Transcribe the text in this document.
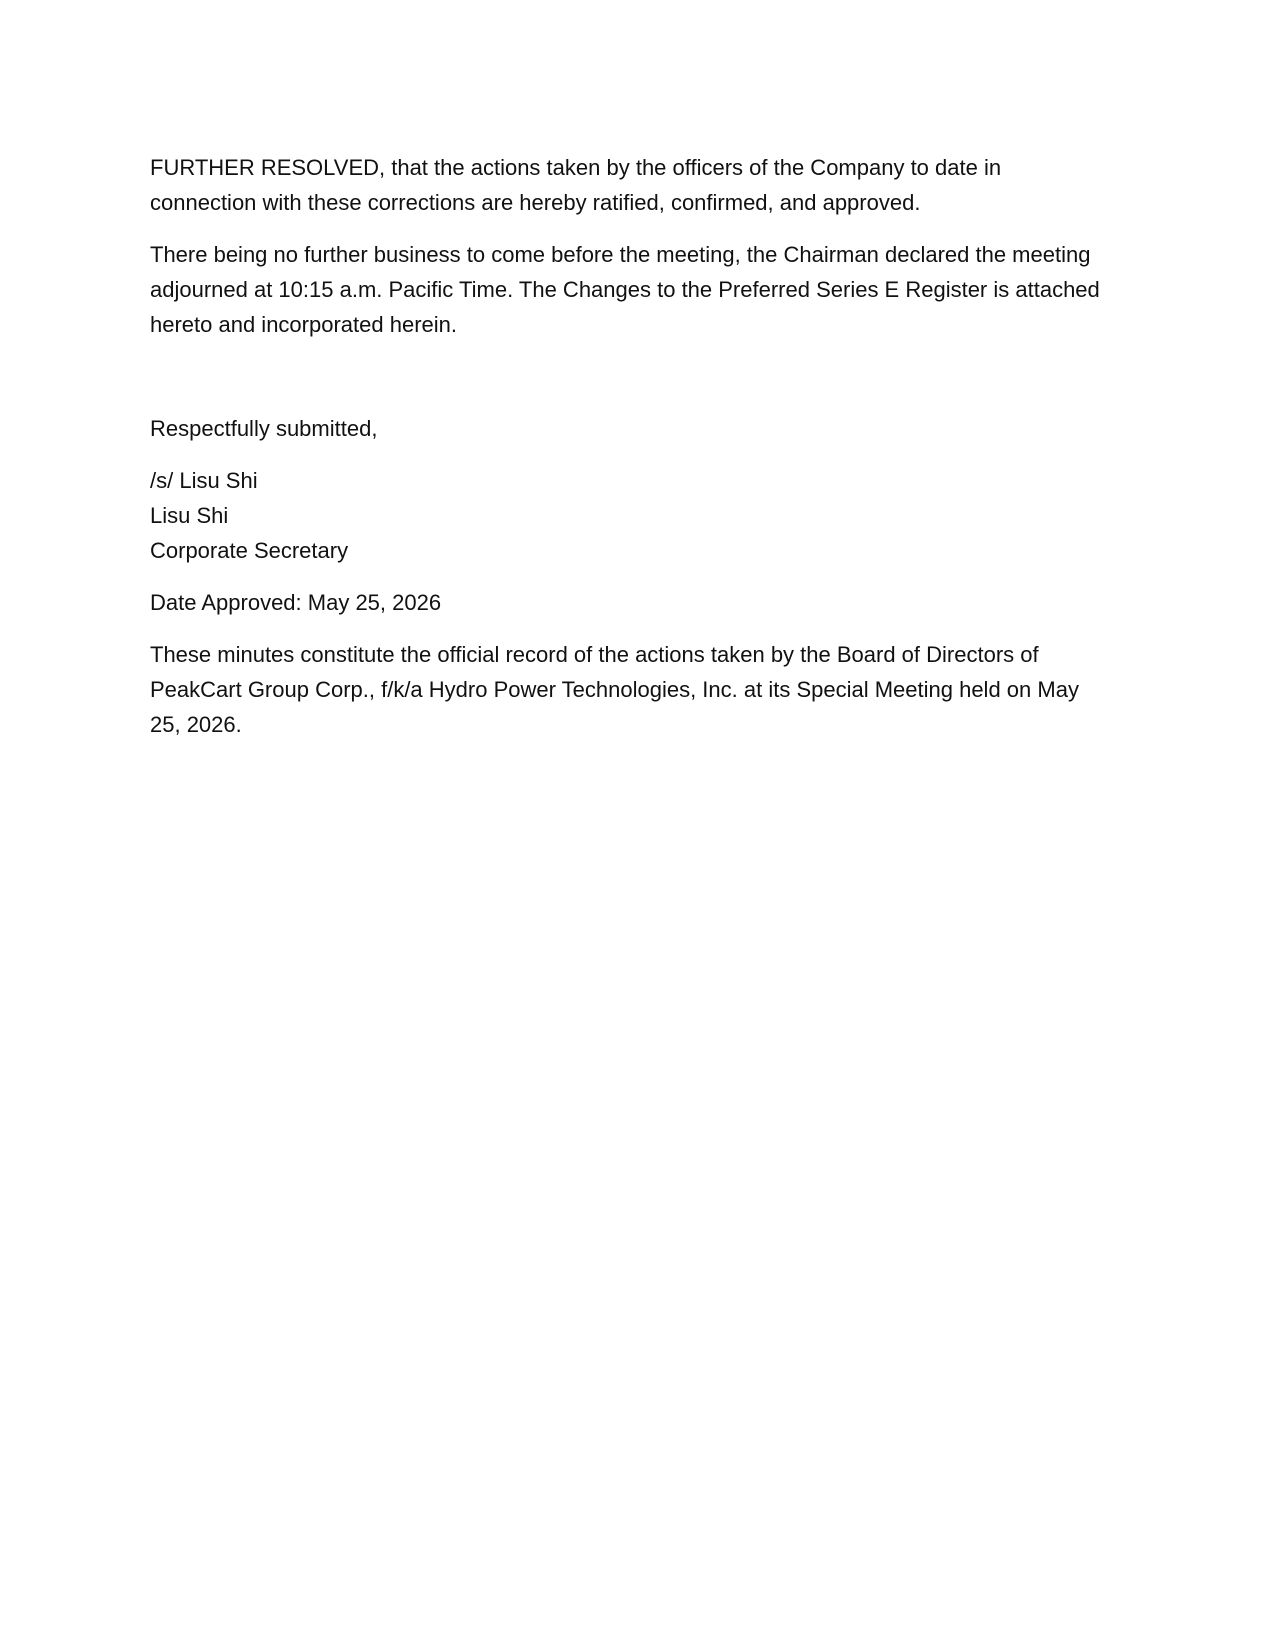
FURTHER RESOLVED, that the actions taken by the officers of the Company to date in connection with these corrections are hereby ratified, confirmed, and approved.

There being no further business to come before the meeting, the Chairman declared the meeting adjourned at 10:15 a.m. Pacific Time. The Changes to the Preferred Series E Register is attached hereto and incorporated herein.

Respectfully submitted,

/s/ Lisu Shi
Lisu Shi
Corporate Secretary

Date Approved: May 25, 2026

These minutes constitute the official record of the actions taken by the Board of Directors of PeakCart Group Corp., f/k/a Hydro Power Technologies, Inc. at its Special Meeting held on May 25, 2026.
